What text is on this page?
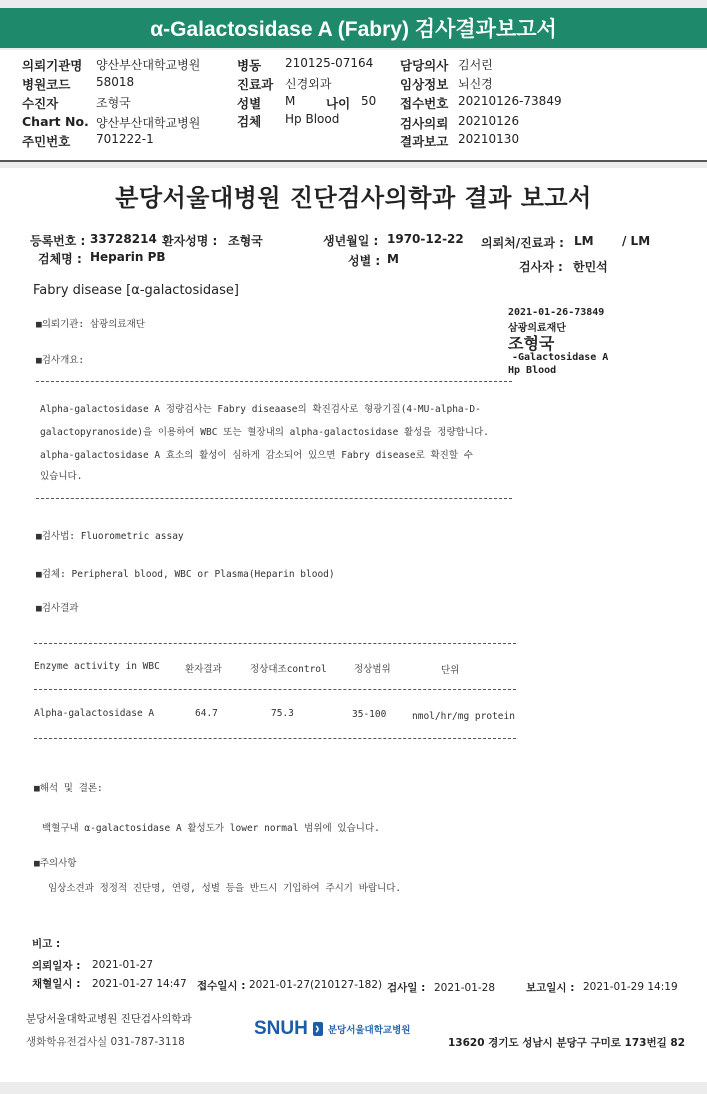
α-Galactosidase A (Fabry) 검사결과보고서
의뢰기관명 양산부산대학교병원
병원코드 58018
수진자	조형국
Chart No. 양산부산대학교병원
주민번호 701222-1
병동 210125-07164
진료과 신경외과
성별 M 나이 50
검체 Hp Blood
담당의사 김서린
임상정보 뇌신경
접수번호 20210126-73849
검사의뢰 20210126
결과보고 20210130
분당서울대병원 진단검사의학과 결과 보고서
등록번호 : 33728214 환자성명 : 조형국	생년월일 : 1970-12-22 의뢰처/진료과 : LM / LM
검체명 : Heparin PB	성별 : M
검사자 : 한민석
Fabry disease [α-galactosidase]
2021-01-26-73849
삼광의료재단
조형국
-Galactosidase A
Hp Blood
■의뢰기관: 삼광의료재단
■검사개요:
Alpha-galactosidase A 정량검사는 Fabry diseaase의 확진검사로 형광기질(4-MU-alpha-D-
galactopyranoside)을 이용하여 WBC 또는 혈장내의 alpha-galactosidase 활성을 정량합니다.
alpha-galactosidase A 효소의 활성이 심하게 감소되어 있으면 Fabry disease로 확진할 수
있습니다.
■검사법: Fluorometric assay
■검체: Peripheral blood, WBC or Plasma(Heparin blood)
■검사결과
Enzyme activity in WBC	환자결과	정상대조control	정상범위	단위
Alpha-galactosidase A	64.7	75.3	35-100	nmol/hr/mg protein
■해석 및 결론:
백혈구내 α-galactosidase A 활성도가 lower normal 범위에 있습니다.
■주의사항
임상소견과 정정적 진단명, 연령, 성별 등을 반드시 기입하여 주시기 바랍니다.
비고 :
의뢰일자 : 2021-01-27
채혈일시 : 2021-01-27 14:47 접수일시 : 2021-01-27(210127-182) 검사일 : 2021-01-28	보고일시 : 2021-01-29 14:19
분당서울대학교병원 진단검사의학과
생화학유전검사실 031-787-3118
SNUH 분당서울대학교병원
13620 경기도 성남시 분당구 구미로 173번길 82
